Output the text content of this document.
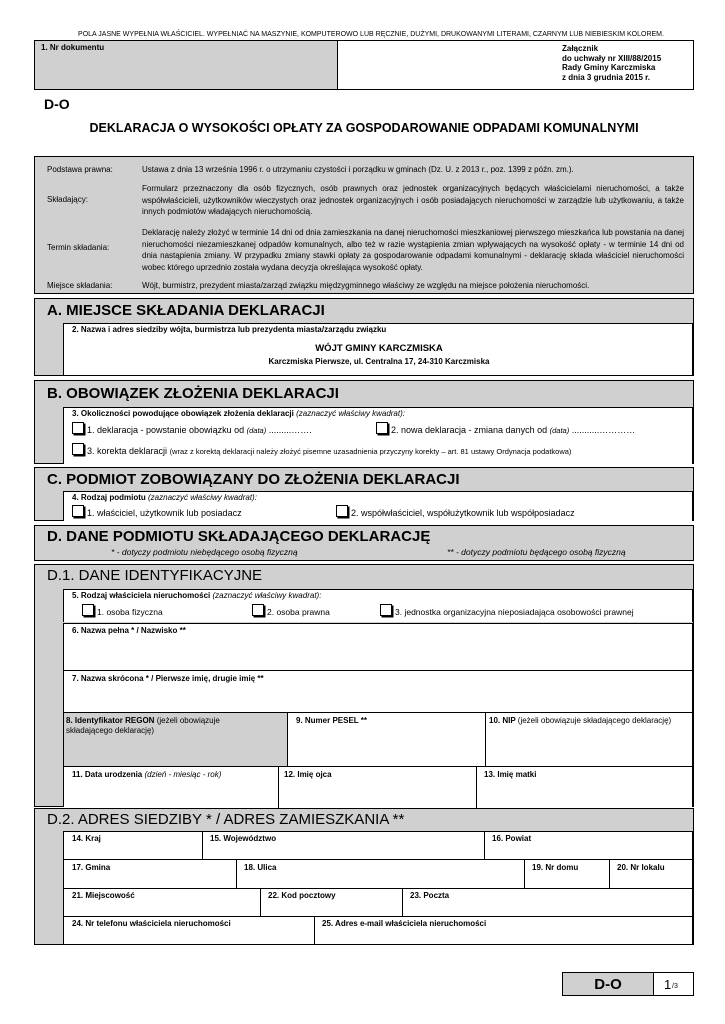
POLA JASNE WYPEŁNIA WŁAŚCICIEL. WYPEŁNIAĆ NA MASZYNIE, KOMPUTEROWO LUB RĘCZNIE, DUŻYMI, DRUKOWANYMI LITERAMI, CZARNYM LUB NIEBIESKIM KOLOREM.
1. Nr dokumentu	Załącznik
do uchwały nr XIII/88/2015
Rady Gminy Karczmiska
z dnia 3 grudnia 2015 r.
D-O
DEKLARACJA O WYSOKOŚCI OPŁATY ZA GOSPODAROWANIE ODPADAMI KOMUNALNYMI
Podstawa prawna:	Ustawa z dnia 13 września 1996 r. o utrzymaniu czystości i porządku w gminach (Dz. U. z 2013 r., poz. 1399 z późn. zm.).
Składający:
Formularz przeznaczony dla osób fizycznych, osób prawnych oraz jednostek organizacyjnych będących właścicielami nieruchomości, a także współwłaścicieli, użytkowników wieczystych oraz jednostek organizacyjnych i osób posiadających nieruchomości w zarządzie lub użytkowaniu, a także innych podmiotów władających nieruchomością.
Termin składania:
Deklarację należy złożyć w terminie 14 dni od dnia zamieszkania na danej nieruchomości mieszkaniowej pierwszego mieszkańca lub powstania na danej nieruchomości niezamieszkanej odpadów komunalnych, albo też w razie wystąpienia zmian wpływających na wysokość opłaty - w terminie 14 dni od dnia nastąpienia zmiany. W przypadku zmiany stawki opłaty za gospodarowanie odpadami komunalnymi - deklarację składa właściciel nieruchomości wobec którego uprzednio została wydana decyzja określająca wysokość opłaty.
Miejsce składania:	Wójt, burmistrz, prezydent miasta/zarząd związku międzygminnego właściwy ze względu na miejsce położenia nieruchomości.
A. MIEJSCE SKŁADANIA DEKLARACJI
2. Nazwa i adres siedziby wójta, burmistrza lub prezydenta miasta/zarządu związku
WÓJT GMINY KARCZMISKA
Karczmiska Pierwsze, ul. Centralna 17, 24-310 Karczmiska
B. OBOWIĄZEK ZŁOŻENIA DEKLARACJI
3. Okoliczności powodujące obowiązek złożenia deklaracji (zaznaczyć właściwy kwadrat):
1. deklaracja - powstanie obowiązku od (data) .........…….	2. nowa deklaracja - zmiana danych od (data) ...........…………
3. korekta deklaracji (wraz z korektą deklaracji należy złożyć pisemne uzasadnienia przyczyny korekty – art. 81 ustawy Ordynacja podatkowa)
C. PODMIOT ZOBOWIĄZANY DO ZŁOŻENIA DEKLARACJI
4. Rodzaj podmiotu (zaznaczyć właściwy kwadrat):
1. właściciel, użytkownik lub posiadacz	2. współwłaściciel, współużytkownik lub współposiadacz
D. DANE PODMIOTU SKŁADAJĄCEGO DEKLARACJĘ
* - dotyczy podmiotu niebędącego osobą fizyczną	** - dotyczy podmiotu będącego osobą fizyczną
D.1. DANE IDENTYFIKACYJNE
5. Rodzaj właściciela nieruchomości (zaznaczyć właściwy kwadrat):
1. osoba fizyczna	2. osoba prawna	3. jednostka organizacyjna nieposiadająca osobowości prawnej
6. Nazwa pełna * / Nazwisko **
7. Nazwa skrócona * / Pierwsze imię, drugie imię **
8. Identyfikator REGON (jeżeli obowiązuje składającego deklarację)
9. Numer PESEL **	10. NIP (jeżeli obowiązuje składającego deklarację)
11. Data urodzenia (dzień - miesiąc - rok)	12. Imię ojca	13. Imię matki
D.2. ADRES SIEDZIBY * / ADRES ZAMIESZKANIA **
14. Kraj	15. Województwo	16. Powiat
17. Gmina	18. Ulica	19. Nr domu	20. Nr lokalu
21. Miejscowość	22. Kod pocztowy	23. Poczta
24. Nr telefonu właściciela nieruchomości	25. Adres e-mail właściciela nieruchomości
D-O	1 /3
